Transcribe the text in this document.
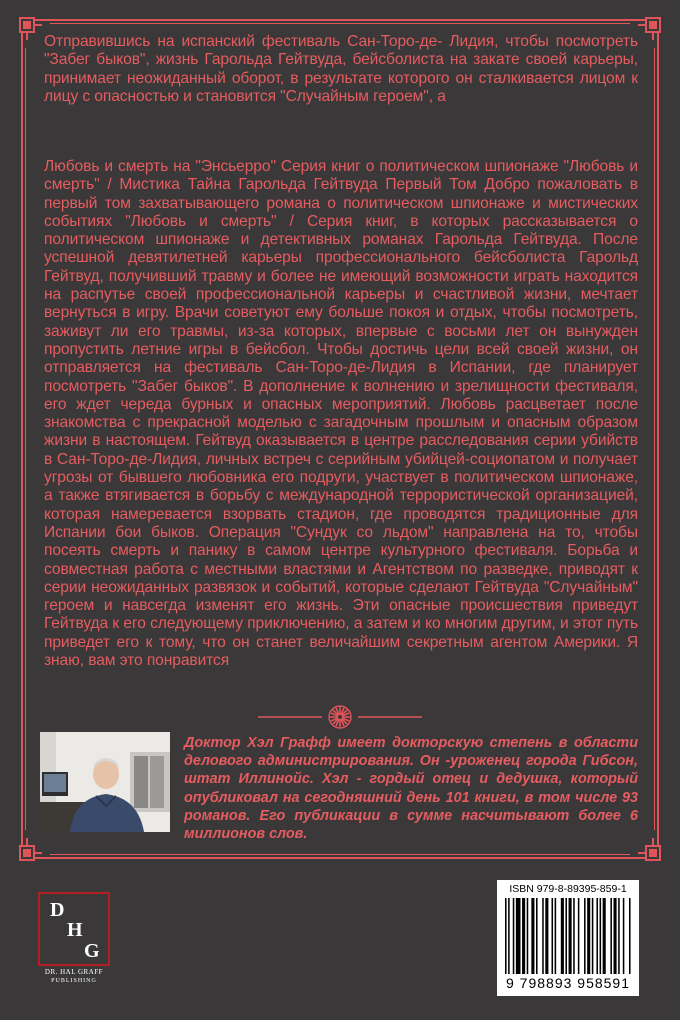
Отправившись на испанский фестиваль Сан-Торо-де- Лидия, чтобы посмотреть "Забег быков", жизнь Гарольда Гейтвуда, бейсболиста на закате своей карьеры, принимает неожиданный оборот, в результате которого он сталкивается лицом к лицу с опасностью и становится "Случайным героем", а
Любовь и смерть на "Энсьерро" Серия книг о политическом шпионаже "Любовь и смерть" / Мистика Тайна Гарольда Гейтвуда Первый Том Добро пожаловать в первый том захватывающего романа о политическом шпионаже и мистических событиях "Любовь и смерть" / Серия книг, в которых рассказывается о политическом шпионаже и детективных романах Гарольда Гейтвуда. После успешной девятилетней карьеры профессионального бейсболиста Гарольд Гейтвуд, получивший травму и более не имеющий возможности играть находится на распутье своей профессиональной карьеры и счастливой жизни, мечтает вернуться в игру. Врачи советуют ему больше покоя и отдых, чтобы посмотреть, заживут ли его травмы, из-за которых, впервые с восьми лет он вынужден пропустить летние игры в бейсбол. Чтобы достичь цели всей своей жизни, он отправляется на фестиваль Сан-Торо-де-Лидия в Испании, где планирует посмотреть "Забег быков". В дополнение к волнению и зрелищности фестиваля, его ждет череда бурных и опасных мероприятий. Любовь расцветает после знакомства с прекрасной моделью с загадочным прошлым и опасным образом жизни в настоящем. Гейтвуд оказывается в центре расследования серии убийств в Сан-Торо-де-Лидия, личных встреч с серийным убийцей-социопатом и получает угрозы от бывшего любовника его подруги, участвует в политическом шпионаже, а также втягивается в борьбу с международной террористической организацией, которая намеревается взорвать стадион, где проводятся традиционные для Испании бои быков. Операция "Сундук со льдом" направлена на то, чтобы посеять смерть и панику в самом центре культурного фестиваля. Борьба и совместная работа с местными властями и Агентством по разведке, приводят к серии неожиданных развязок и событий, которые сделают Гейтвуда "Случайным" героем и навсегда изменят его жизнь. Эти опасные происшествия приведут Гейтвуда к его следующему приключению, а затем и ко многим другим, и этот путь приведет его к тому, что он станет величайшим секретным агентом Америки. Я знаю, вам это понравится
Доктор Хэл Графф имеет докторскую степень в области делового администрирования. Он -уроженец города Гибсон, штат Иллинойс. Хэл - гордый отец и дедушка, который опубликовал на сегодняшний день 101 книги, в том числе 93 романов. Его публикации в сумме насчитывают более 6 миллионов слов.
D
H
G
DR. HAL GRAFF
PUBLISHING
ISBN 979-8-89395-859-1
9 798893 958591
